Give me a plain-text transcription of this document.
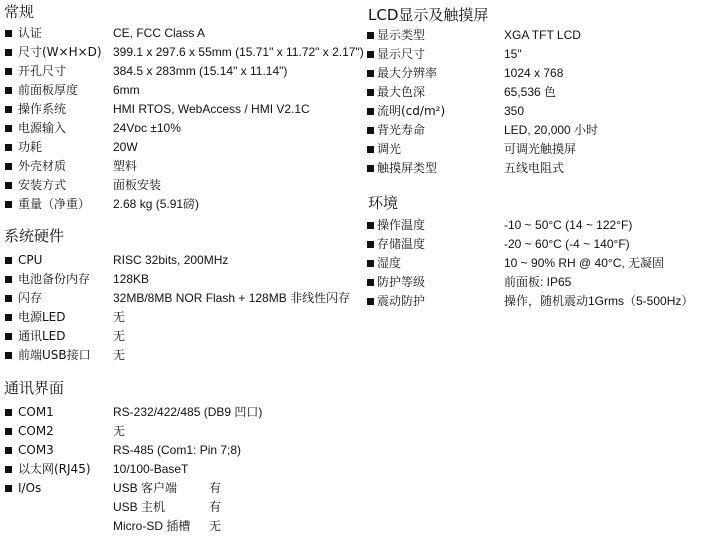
常规
认证	CE, FCC Class A
尺寸(W×H×D) 399.1 x 297.6 x 55mm (15.71" x 11.72" x 2.17")
开孔尺寸	384.5 x 283mm (15.14" x 11.14")
前面板厚度	6mm
操作系统	HMI RTOS, WebAccess / HMI V2.1C
电源输入	24Vᴅᴄ ±10%
功耗	20W
外壳材质	塑料
安装方式	面板安装
重量（净重） 2.68 kg (5.91磅)
系统硬件
CPU	RISC 32bits, 200MHz
电池备份内存 128KB
闪存	32MB/8MB NOR Flash + 128MB 非线性闪存
电源LED	无
通讯LED	无
前端USB接口 无
通讯界面
COM1	RS-232/422/485 (DB9 凹口)
COM2	无
COM3	RS-485 (Com1: Pin 7;8)
以太网(RJ45) 10/100-BaseT
I/Os	USB 客户端	有
USB 主机	有
Micro-SD 插槽 无
LCD显示及触摸屏
显示类型	XGA TFT LCD
显示尺寸	15"
最大分辨率	1024 x 768
最大色深	65,536 色
流明(cd/m²)	350
背光寿命	LED, 20,000 小时
调光	可调光触摸屏
触摸屏类型	五线电阻式
环境
操作温度	-10 ~ 50°C (14 ~ 122°F)
存储温度	-20 ~ 60°C (-4 ~ 140°F)
湿度	10 ~ 90% RH @ 40°C, 无凝固
防护等级	前面板: IP65
震动防护	操作，随机震动1Grms（5-500Hz）
